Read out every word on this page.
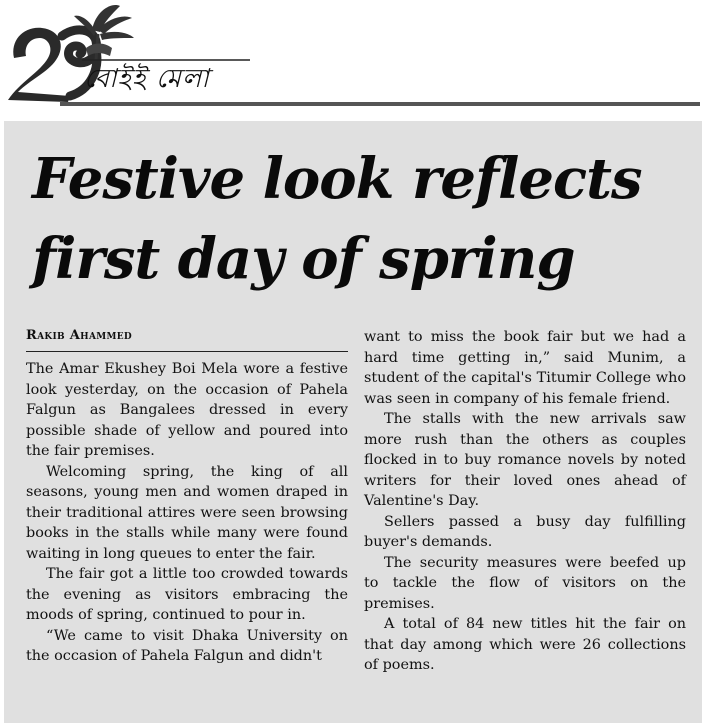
বোইই মেলা
Festive look reflects
first day of spring
Rakib Ahammed

The Amar Ekushey Boi Mela wore a festive look yesterday, on the occasion of Pahela Falgun as Bangalees dressed in every possible shade of yellow and poured into the fair premises.

Welcoming spring, the king of all seasons, young men and women draped in their traditional attires were seen browsing books in the stalls while many were found waiting in long queues to enter the fair.

The fair got a little too crowded towards the evening as visitors embracing the moods of spring, continued to pour in.

“We came to visit Dhaka University on the occasion of Pahela Falgun and didn't

want to miss the book fair but we had a hard time getting in,” said Munim, a student of the capital's Titumir College who was seen in company of his female friend.

The stalls with the new arrivals saw more rush than the others as couples flocked in to buy romance novels by noted writers for their loved ones ahead of Valentine's Day.

Sellers passed a busy day fulfilling buyer's demands.

The security measures were beefed up to tackle the flow of visitors on the premises.

A total of 84 new titles hit the fair on that day among which were 26 collections of poems.
